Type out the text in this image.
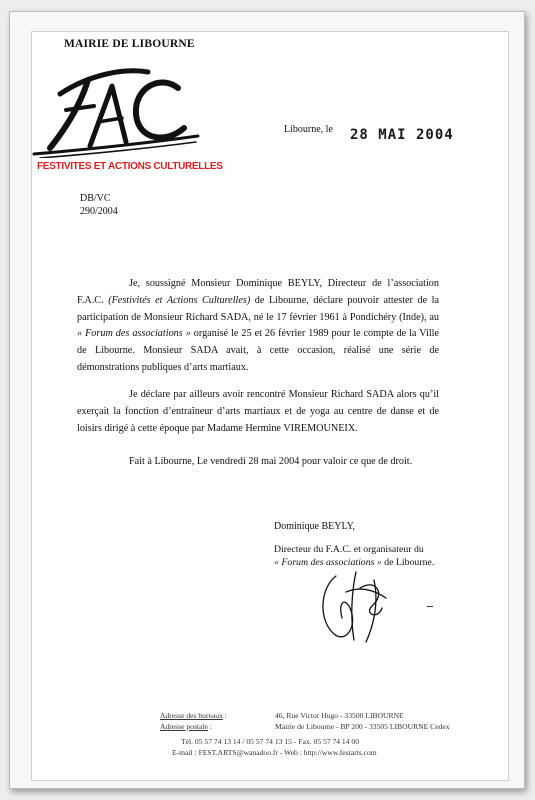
MAIRIE DE LIBOURNE
FESTIVITES ET ACTIONS CULTURELLES
Libourne, le 28 MAI 2004
DB/VC
290/2004

Je, soussigné Monsieur Dominique BEYLY, Directeur de l’association F.A.C. (Festivités et Actions Culturelles) de Libourne, déclare pouvoir attester de la participation de Monsieur Richard SADA, né le 17 février 1961 à Pondichéry (Inde), au « Forum des associations » organisé le 25 et 26 février 1989 pour le compte de la Ville de Libourne. Monsieur SADA avait, à cette occasion, réalisé une série de démonstrations publiques d’arts martiaux.

Je déclare par ailleurs avoir rencontré Monsieur Richard SADA alors qu’il exerçait la fonction d’entraîneur d’arts martiaux et de yoga au centre de danse et de loisirs dirigé à cette époque par Madame Hermine VIREMOUNEIX.

Fait à Libourne, Le vendredi 28 mai 2004 pour valoir ce que de droit.

Dominique BEYLY,
Directeur du F.A.C. et organisateur du
« Forum des associations » de Libourne.
Adresse des bureaux :	46, Rue Victor Hugo - 33500 LIBOURNE
Adresse postale :	Mairie de Libourne - BP 200 - 33505 LIBOURNE Cedex
Tél. 05 57 74 13 14 / 05 57 74 13 15 - Fax. 05 57 74 14 00
E-mail : FEST.ARTS@wanadoo.fr - Web : http://www.festarts.com
